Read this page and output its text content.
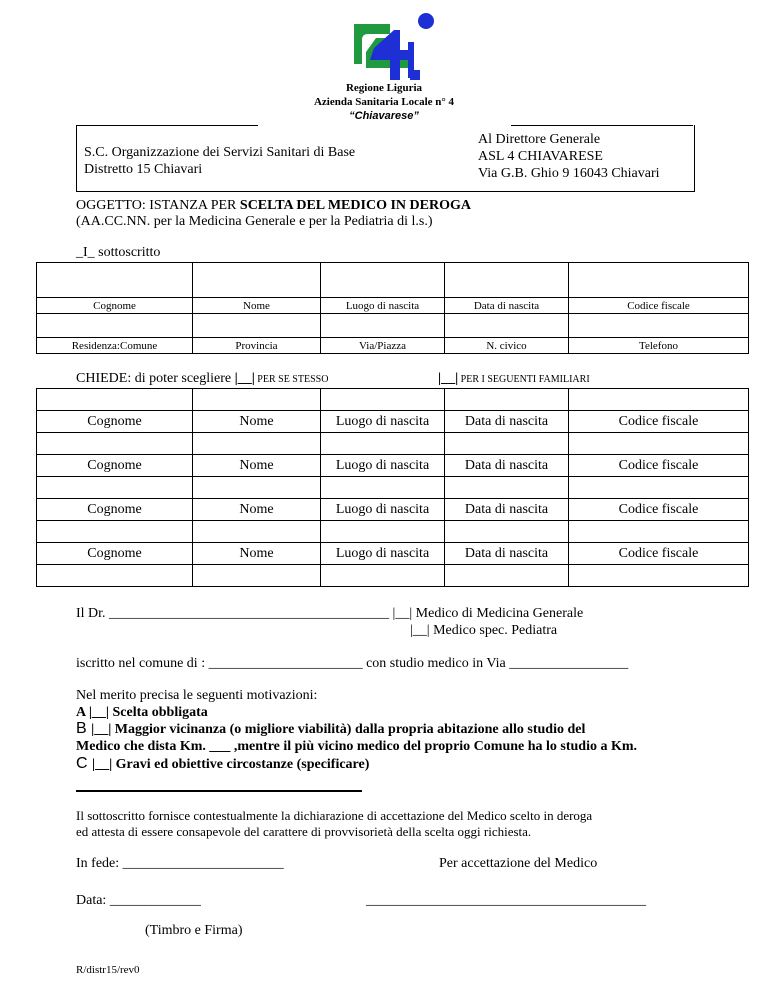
Regione Liguria
Azienda Sanitaria Locale n° 4
“Chiavarese”
S.C. Organizzazione dei Servizi Sanitari di Base
Distretto 15 Chiavari
Al Direttore Generale
ASL 4 CHIAVARESE
Via G.B. Ghio 9 16043 Chiavari
OGGETTO: ISTANZA PER SCELTA DEL MEDICO IN DEROGA
(AA.CC.NN. per la Medicina Generale e per la Pediatria di l.s.)
_I_ sottoscritto

Cognome	Nome	Luogo di nascita	Data di nascita	Codice fiscale

Residenza:Comune	Provincia	Via/Piazza	N. civico	Telefono
CHIEDE: di poter scegliere |__| PER SE STESSO	|__| PER I SEGUENTI FAMILIARI

Cognome	Nome	Luogo di nascita	Data di nascita	Codice fiscale

Cognome	Nome	Luogo di nascita	Data di nascita	Codice fiscale

Cognome	Nome	Luogo di nascita	Data di nascita	Codice fiscale

Cognome	Nome	Luogo di nascita	Data di nascita	Codice fiscale

Il Dr. ________________________________________ |__| Medico di Medicina Generale
|__| Medico spec. Pediatra
iscritto nel comune di : ______________________ con studio medico in Via _________________
Nel merito precisa le seguenti motivazioni:
A |__| Scelta obbligata
B |__| Maggior vicinanza (o migliore viabilità) dalla propria abitazione allo studio del
Medico che dista Km. ___ ,mentre il più vicino medico del proprio Comune ha lo studio a Km.
C |__| Gravi ed obiettive circostanze (specificare)
Il sottoscritto fornisce contestualmente la dichiarazione di accettazione del Medico scelto in deroga
ed attesta di essere consapevole del carattere di provvisorietà della scelta oggi richiesta.
In fede: _______________________	Per accettazione del Medico
Data: _____________	________________________________________
(Timbro e Firma)
R/distr15/rev0
